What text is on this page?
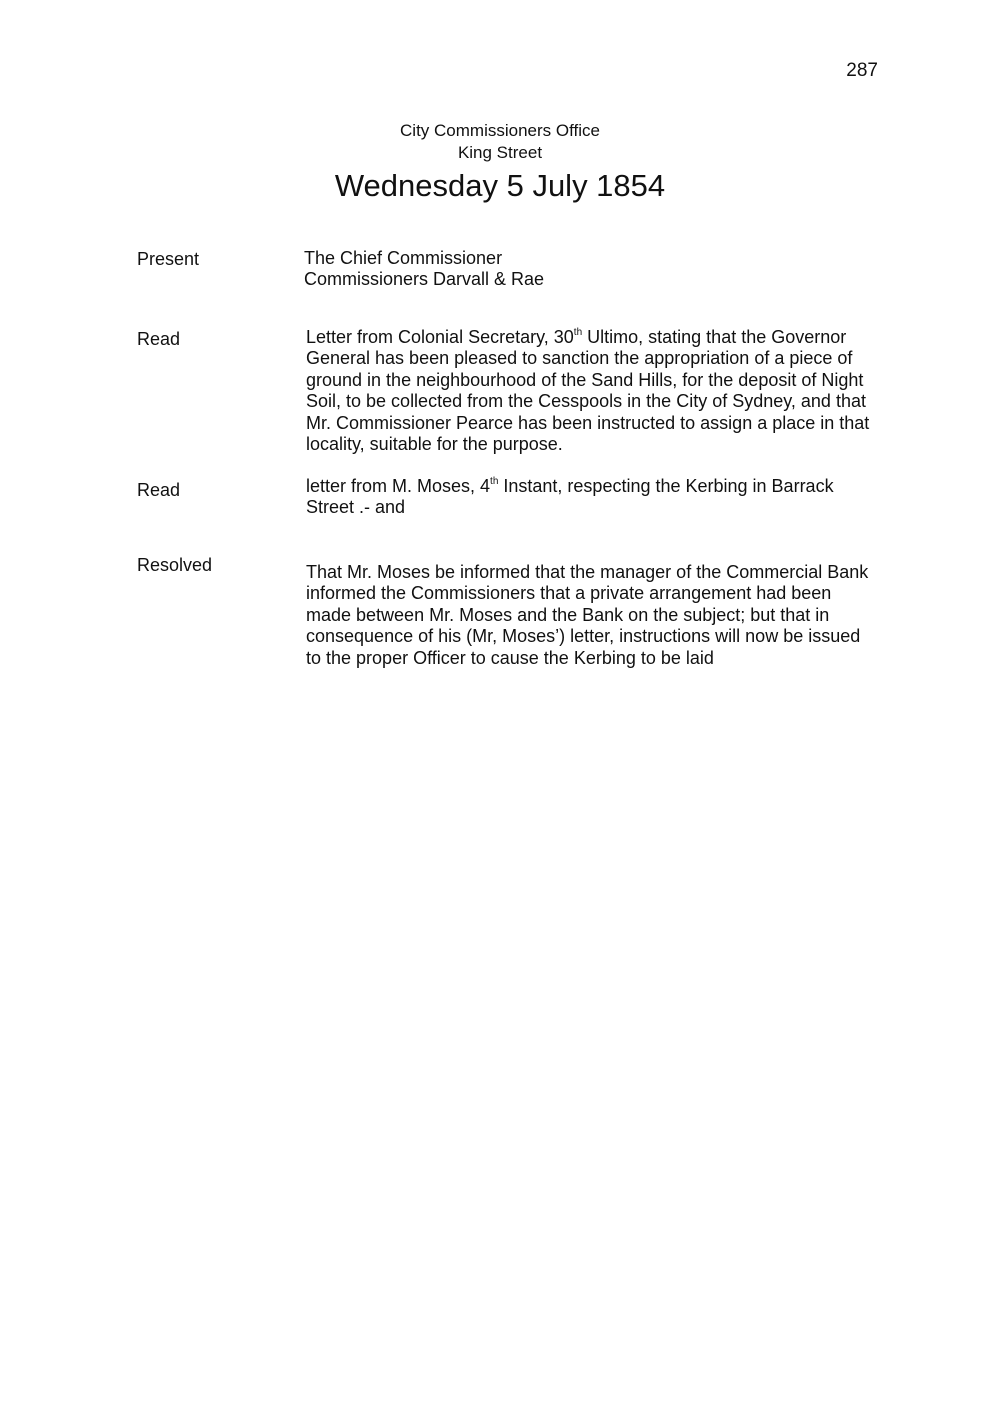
287
City Commissioners Office
King Street
Wednesday 5 July 1854
Present	The Chief Commissioner
Commissioners Darvall & Rae
Read	Letter from Colonial Secretary, 30th Ultimo, stating that the Governor
General has been pleased to sanction the appropriation of a piece of
ground in the neighbourhood of the Sand Hills, for the deposit of Night
Soil, to be collected from the Cesspools in the City of Sydney, and that
Mr. Commissioner Pearce has been instructed to assign a place in that
locality, suitable for the purpose.
Read	letter from M. Moses, 4th Instant, respecting the Kerbing in Barrack
Street .- and
Resolved	That Mr. Moses be informed that the manager of the Commercial Bank
informed the Commissioners that a private arrangement had been
made between Mr. Moses and the Bank on the subject; but that in
consequence of his (Mr, Moses’) letter, instructions will now be issued
to the proper Officer to cause the Kerbing to be laid
